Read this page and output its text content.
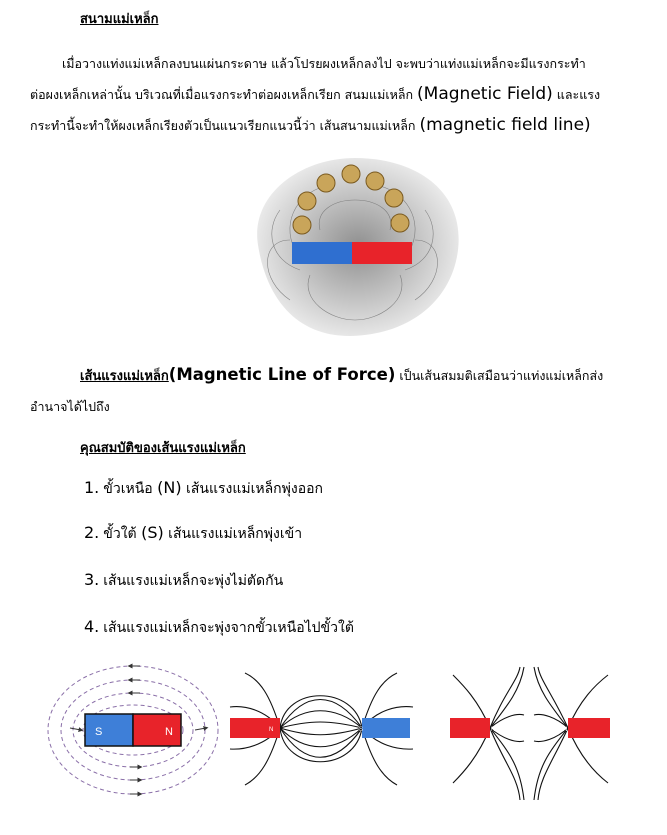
สนามแม่เหล็ก
เมื่อวางแท่งแม่เหล็กลงบนแผ่นกระดาษ แล้วโปรยผงเหล็กลงไป จะพบว่าแท่งแม่เหล็กจะมีแรงกระทำ
ต่อผงเหล็กเหล่านั้น บริเวณที่เมื่อแรงกระทำต่อผงเหล็กเรียก สนมแม่เหล็ก (Magnetic Field) และแรง
กระทำนี้จะทำให้ผงเหล็กเรียงตัวเป็นแนวเรียกแนวนี้ว่า เส้นสนามแม่เหล็ก (magnetic field line)
เส้นแรงแม่เหล็ก(Magnetic Line of Force) เป็นเส้นสมมติเสมือนว่าแท่งแม่เหล็กส่ง
อำนาจได้ไปถึง
คุณสมบัติของเส้นแรงแม่เหล็ก
1. ขั้วเหนือ (N) เส้นแรงแม่เหล็กพุ่งออก
2. ขั้วใต้ (S) เส้นแรงแม่เหล็กพุ่งเข้า
3. เส้นแรงแม่เหล็กจะพุ่งไม่ตัดกัน
4. เส้นแรงแม่เหล็กจะพุ่งจากขั้วเหนือไปขั้วใต้
S	N	N	S	N	N
